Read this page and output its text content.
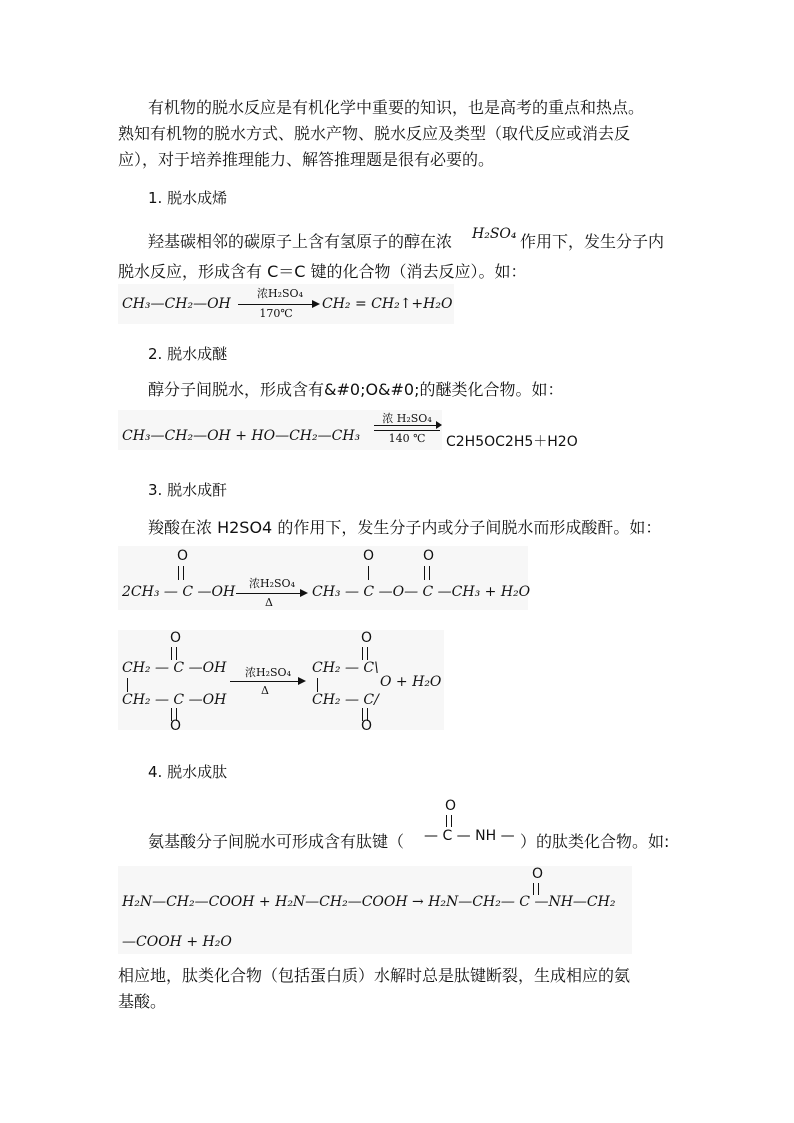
有机物的脱水反应是有机化学中重要的知识，也是高考的重点和热点。
熟知有机物的脱水方式、脱水产物、脱水反应及类型（取代反应或消去反
应），对于培养推理能力、解答推理题是很有必要的。
1. 脱水成烯
羟基碳相邻的碳原子上含有氢原子的醇在浓 H₂SO₄ 作用下，发生分子内
脱水反应，形成含有 C＝C 键的化合物（消去反应）。如：
CH₃—CH₂—OH
浓H₂SO₄
170℃
CH₂ = CH₂↑+H₂O
2. 脱水成醚
醇分子间脱水，形成含有&#0;O&#0;的醚类化合物。如：
CH₃—CH₂—OH + HO—CH₂—CH₃
浓 H₂SO₄
140 ℃	C2H5OC2H5＋H2O
3. 脱水成酐
羧酸在浓 H2SO4 的作用下，发生分子内或分子间脱水而形成酸酐。如：
O
2CH₃ — C —OH
浓H₂SO₄
Δ
O	O
CH₃ — C —O— C —CH₃ + H₂O
O
CH₂ — C —OH
CH₂ — C —OH
O
浓H₂SO₄
Δ
O
CH₂ — C\
CH₂ — C/
O
O + H₂O
4. 脱水成肽
O
氨基酸分子间脱水可形成含有肽键（ — C — NH — ）的肽类化合物。如:
O
H₂N—CH₂—COOH + H₂N—CH₂—COOH → H₂N—CH₂— C —NH—CH₂
—COOH + H₂O
相应地，肽类化合物（包括蛋白质）水解时总是肽键断裂，生成相应的氨
基酸。
